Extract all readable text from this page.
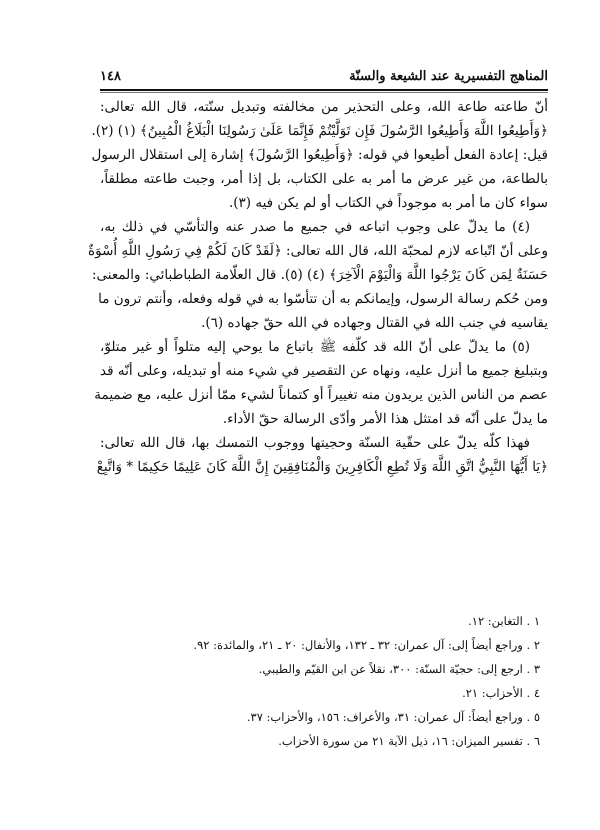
المناهج التفسيرية عند الشيعة والسنّة
١٤٨
أنّ طاعته طاعة الله، وعلى التحذير من مخالفته وتبديل سنّته، قال الله تعالى:
﴿وَأَطِيعُوا اللَّهَ وَأَطِيعُوا الرَّسُولَ فَإِن تَوَلَّيْتُمْ فَإِنَّمَا عَلَىٰ رَسُولِنَا الْبَلَاغُ الْمُبِينُ﴾ (١) (٢).
قيل: إعادة الفعل أطيعوا في قوله: ﴿وَأَطِيعُوا الرَّسُولَ﴾ إشارة إلى استقلال الرسول
بالطاعة، من غير عرض ما أمر به على الكتاب، بل إذا أمر، وجبت طاعته مطلقاً،
سواء كان ما أمر به موجوداً في الكتاب أو لم يكن فيه (٣).
(٤) ما يدلّ على وجوب اتباعه في جميع ما صدر عنه والتأسّي في ذلك به،
وعلى أنّ اتّباعه لازم لمحبّة الله، قال الله تعالى: ﴿لَقَدْ كَانَ لَكُمْ فِي رَسُولِ اللَّهِ أُسْوَةٌ
حَسَنَةٌ لِمَن كَانَ يَرْجُوا اللَّهَ وَالْيَوْمَ الْآخِرَ﴾ (٤) (٥). قال العلّامة الطباطبائي: والمعنى:
ومن حُكم رسالة الرسول، وإيمانكم به أن تتأسّوا به في قوله وفعله، وأنتم ترون ما
يقاسيه في جنب الله في القتال وجهاده في الله حقّ جهاده (٦).
(٥) ما يدلّ على أنّ الله قد كلّفه ﷺ باتباع ما يوحي إليه متلواً أو غير متلوّ،
وبتبليغ جميع ما أنزل عليه، ونهاه عن التقصير في شيء منه أو تبديله، وعلى أنّه قد
عصم من الناس الذين يريدون منه تغييراً أو كتماناً لشيء ممّا أنزل عليه، مع ضميمة
ما يدلّ على أنّه قد امتثل هذا الأمر وأدّى الرسالة حقّ الأداء.
فهذا كلّه يدلّ على حقّية السنّة وحجيتها ووجوب التمسك بها، قال الله تعالى:
﴿يَا أَيُّهَا النَّبِيُّ اتَّقِ اللَّهَ وَلَا تُطِعِ الْكَافِرِينَ وَالْمُنَافِقِينَ إِنَّ اللَّهَ كَانَ عَلِيمًا حَكِيمًا * وَاتَّبِعْ
١ . التغابن: ١٢.
٢ . وراجع أيضاً إلى: آل عمران: ٣٢ ـ ١٣٢، والأنفال: ٢٠ ـ ٢١، والمائدة: ٩٢.
٣ . ارجع إلى: حجيّة السنّة: ٣٠٠، نقلاً عن ابن القيّم والطيبي.
٤ . الأحزاب: ٢١.
٥ . وراجع أيضاً: آل عمران: ٣١، والأعراف: ١٥٦، والأحزاب: ٣٧.
٦ . تفسير الميزان: ١٦، ذيل الآية ٢١ من سورة الأحزاب.
